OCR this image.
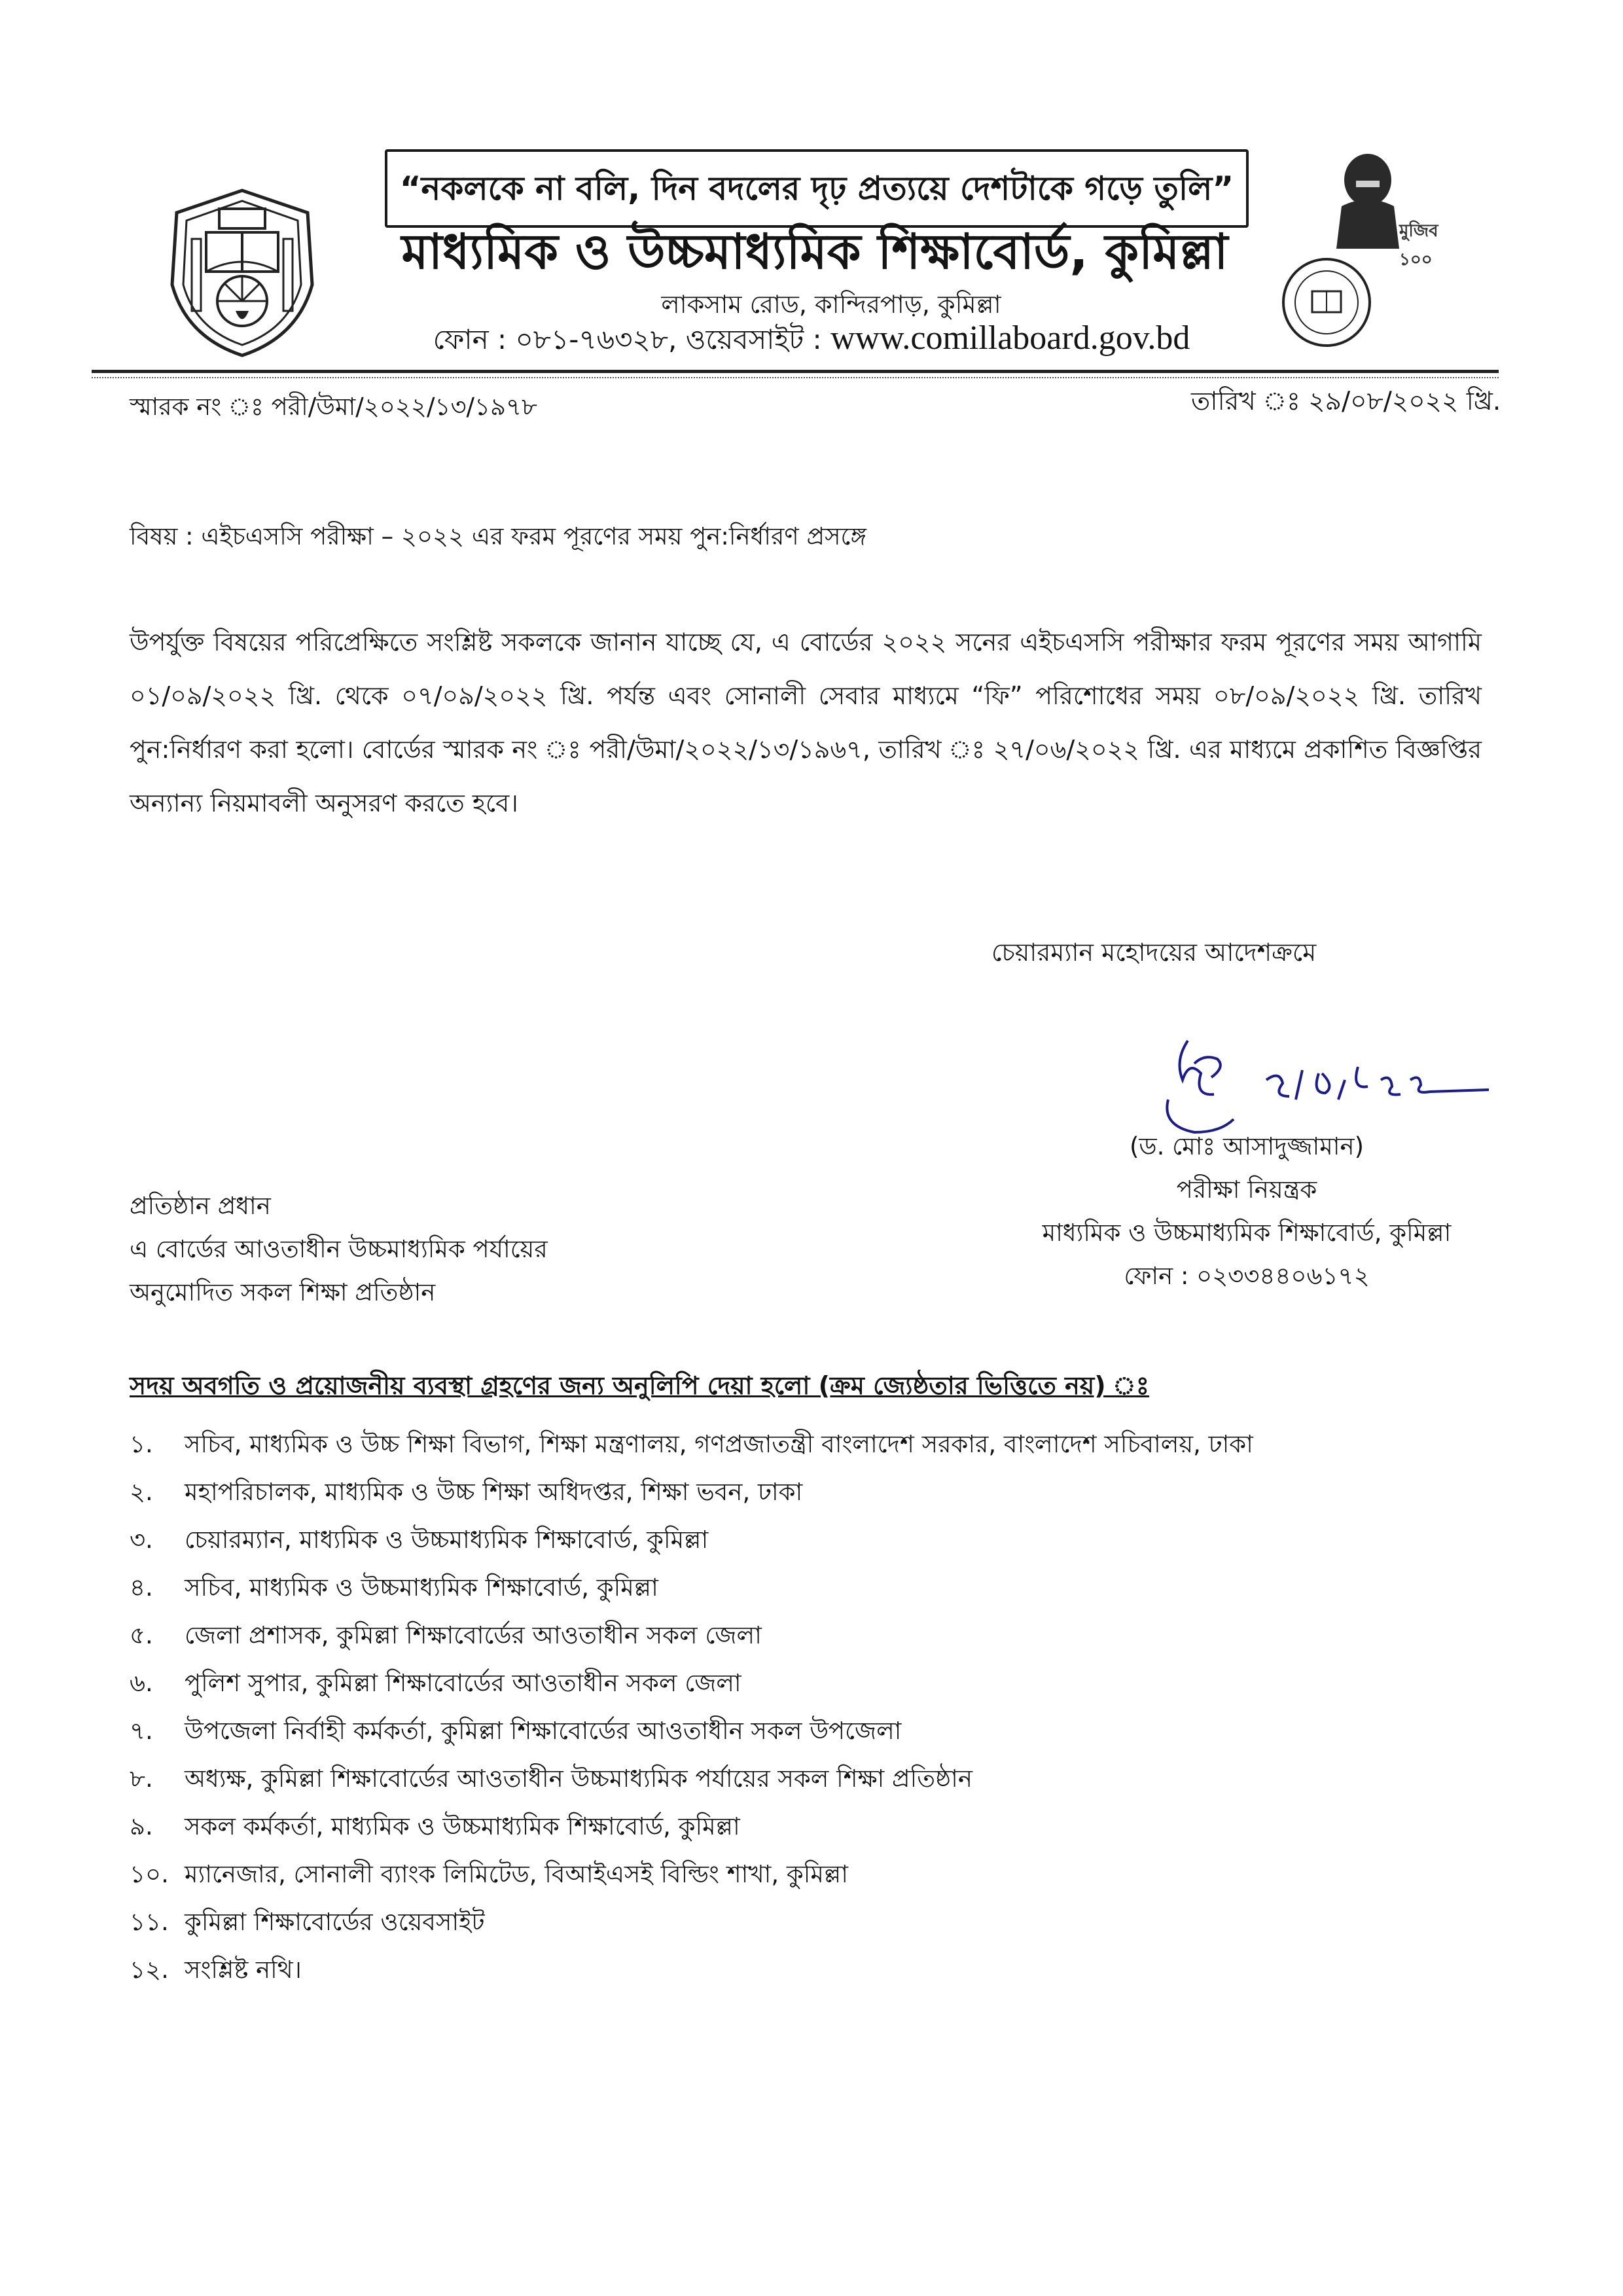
“নকলকে না বলি, দিন বদলের দৃঢ় প্রত্যয়ে দেশটাকে গড়ে তুলি”
মাধ্যমিক ও উচ্চমাধ্যমিক শিক্ষাবোর্ড, কুমিল্লা
লাকসাম রোড, কান্দিরপাড়, কুমিল্লা
ফোন : ০৮১-৭৬৩২৮, ওয়েবসাইট : www.comillaboard.gov.bd
মুজিব ১০০
স্মারক নং ঃ পরী/উমা/২০২২/১৩/১৯৭৮	তারিখ ঃ ২৯/০৮/২০২২ খ্রি.
বিষয় : এইচএসসি পরীক্ষা – ২০২২ এর ফরম পূরণের সময় পুন:নির্ধারণ প্রসঙ্গে
উপর্যুক্ত বিষয়ের পরিপ্রেক্ষিতে সংশ্লিষ্ট সকলকে জানান যাচ্ছে যে, এ বোর্ডের ২০২২ সনের এইচএসসি পরীক্ষার ফরম পূরণের সময় আগামি ০১/০৯/২০২২ খ্রি. থেকে ০৭/০৯/২০২২ খ্রি. পর্যন্ত এবং সোনালী সেবার মাধ্যমে “ফি” পরিশোধের সময় ০৮/০৯/২০২২ খ্রি. তারিখ পুন:নির্ধারণ করা হলো। বোর্ডের স্মারক নং ঃ পরী/উমা/২০২২/১৩/১৯৬৭, তারিখ ঃ ২৭/০৬/২০২২ খ্রি. এর মাধ্যমে প্রকাশিত বিজ্ঞপ্তির অন্যান্য নিয়মাবলী অনুসরণ করতে হবে।
চেয়ারম্যান মহোদয়ের আদেশক্রমে
(ড. মোঃ আসাদুজ্জামান)
পরীক্ষা নিয়ন্ত্রক
মাধ্যমিক ও উচ্চমাধ্যমিক শিক্ষাবোর্ড, কুমিল্লা
ফোন : ০২৩৩৪৪০৬১৭২
প্রতিষ্ঠান প্রধান
এ বোর্ডের আওতাধীন উচ্চমাধ্যমিক পর্যায়ের
অনুমোদিত সকল শিক্ষা প্রতিষ্ঠান
সদয় অবগতি ও প্রয়োজনীয় ব্যবস্থা গ্রহণের জন্য অনুলিপি দেয়া হলো (ক্রম জ্যেষ্ঠতার ভিত্তিতে নয়) ঃ
১. সচিব, মাধ্যমিক ও উচ্চ শিক্ষা বিভাগ, শিক্ষা মন্ত্রণালয়, গণপ্রজাতন্ত্রী বাংলাদেশ সরকার, বাংলাদেশ সচিবালয়, ঢাকা
২. মহাপরিচালক, মাধ্যমিক ও উচ্চ শিক্ষা অধিদপ্তর, শিক্ষা ভবন, ঢাকা
৩. চেয়ারম্যান, মাধ্যমিক ও উচ্চমাধ্যমিক শিক্ষাবোর্ড, কুমিল্লা
৪. সচিব, মাধ্যমিক ও উচ্চমাধ্যমিক শিক্ষাবোর্ড, কুমিল্লা
৫. জেলা প্রশাসক, কুমিল্লা শিক্ষাবোর্ডের আওতাধীন সকল জেলা
৬. পুলিশ সুপার, কুমিল্লা শিক্ষাবোর্ডের আওতাধীন সকল জেলা
৭. উপজেলা নির্বাহী কর্মকর্তা, কুমিল্লা শিক্ষাবোর্ডের আওতাধীন সকল উপজেলা
৮. অধ্যক্ষ, কুমিল্লা শিক্ষাবোর্ডের আওতাধীন উচ্চমাধ্যমিক পর্যায়ের সকল শিক্ষা প্রতিষ্ঠান
৯. সকল কর্মকর্তা, মাধ্যমিক ও উচ্চমাধ্যমিক শিক্ষাবোর্ড, কুমিল্লা
১০. ম্যানেজার, সোনালী ব্যাংক লিমিটেড, বিআইএসই বিল্ডিং শাখা, কুমিল্লা
১১. কুমিল্লা শিক্ষাবোর্ডের ওয়েবসাইট
১২. সংশ্লিষ্ট নথি।
